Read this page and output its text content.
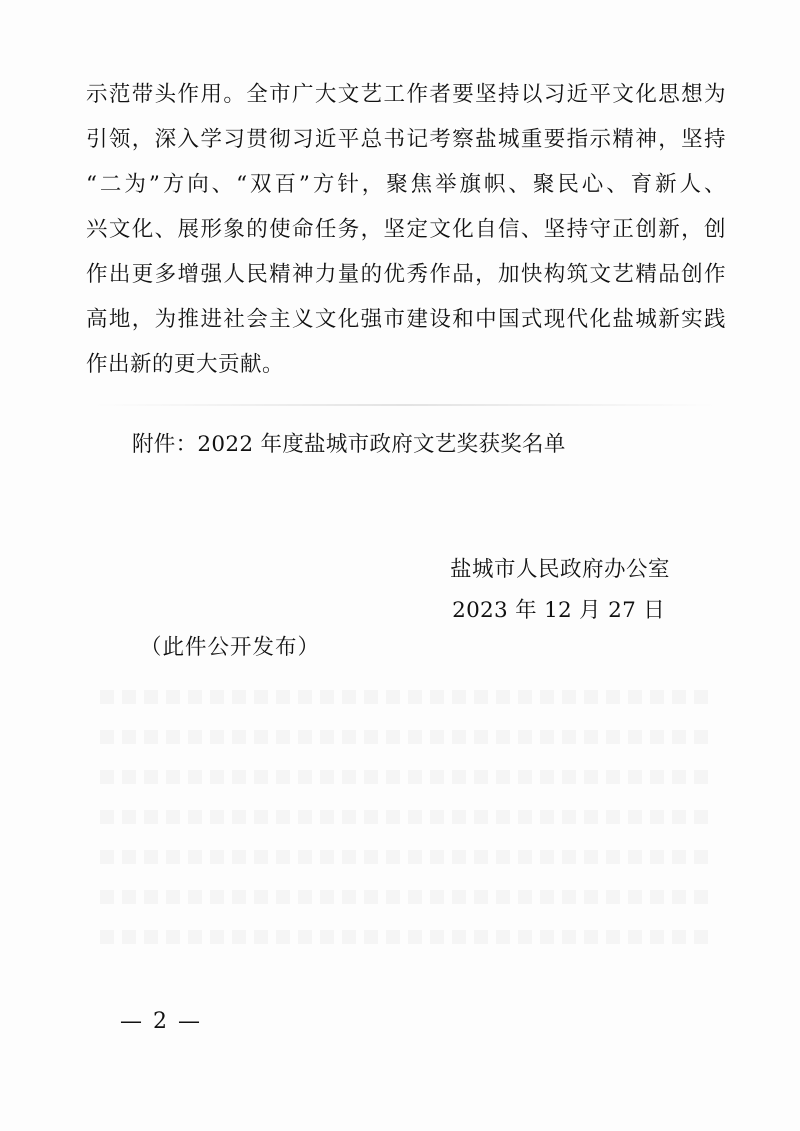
示范带头作用。全市广大文艺工作者要坚持以习近平文化思想为
引领，深入学习贯彻习近平总书记考察盐城重要指示精神，坚持
“二为”方向、“双百”方针，聚焦举旗帜、聚民心、育新人、
兴文化、展形象的使命任务，坚定文化自信、坚持守正创新，创
作出更多增强人民精神力量的优秀作品，加快构筑文艺精品创作
高地，为推进社会主义文化强市建设和中国式现代化盐城新实践
作出新的更大贡献。

附件：2022 年度盐城市政府文艺奖获奖名单
盐城市人民政府办公室
2023 年 12 月 27 日
（此件公开发布）
— 2 —
